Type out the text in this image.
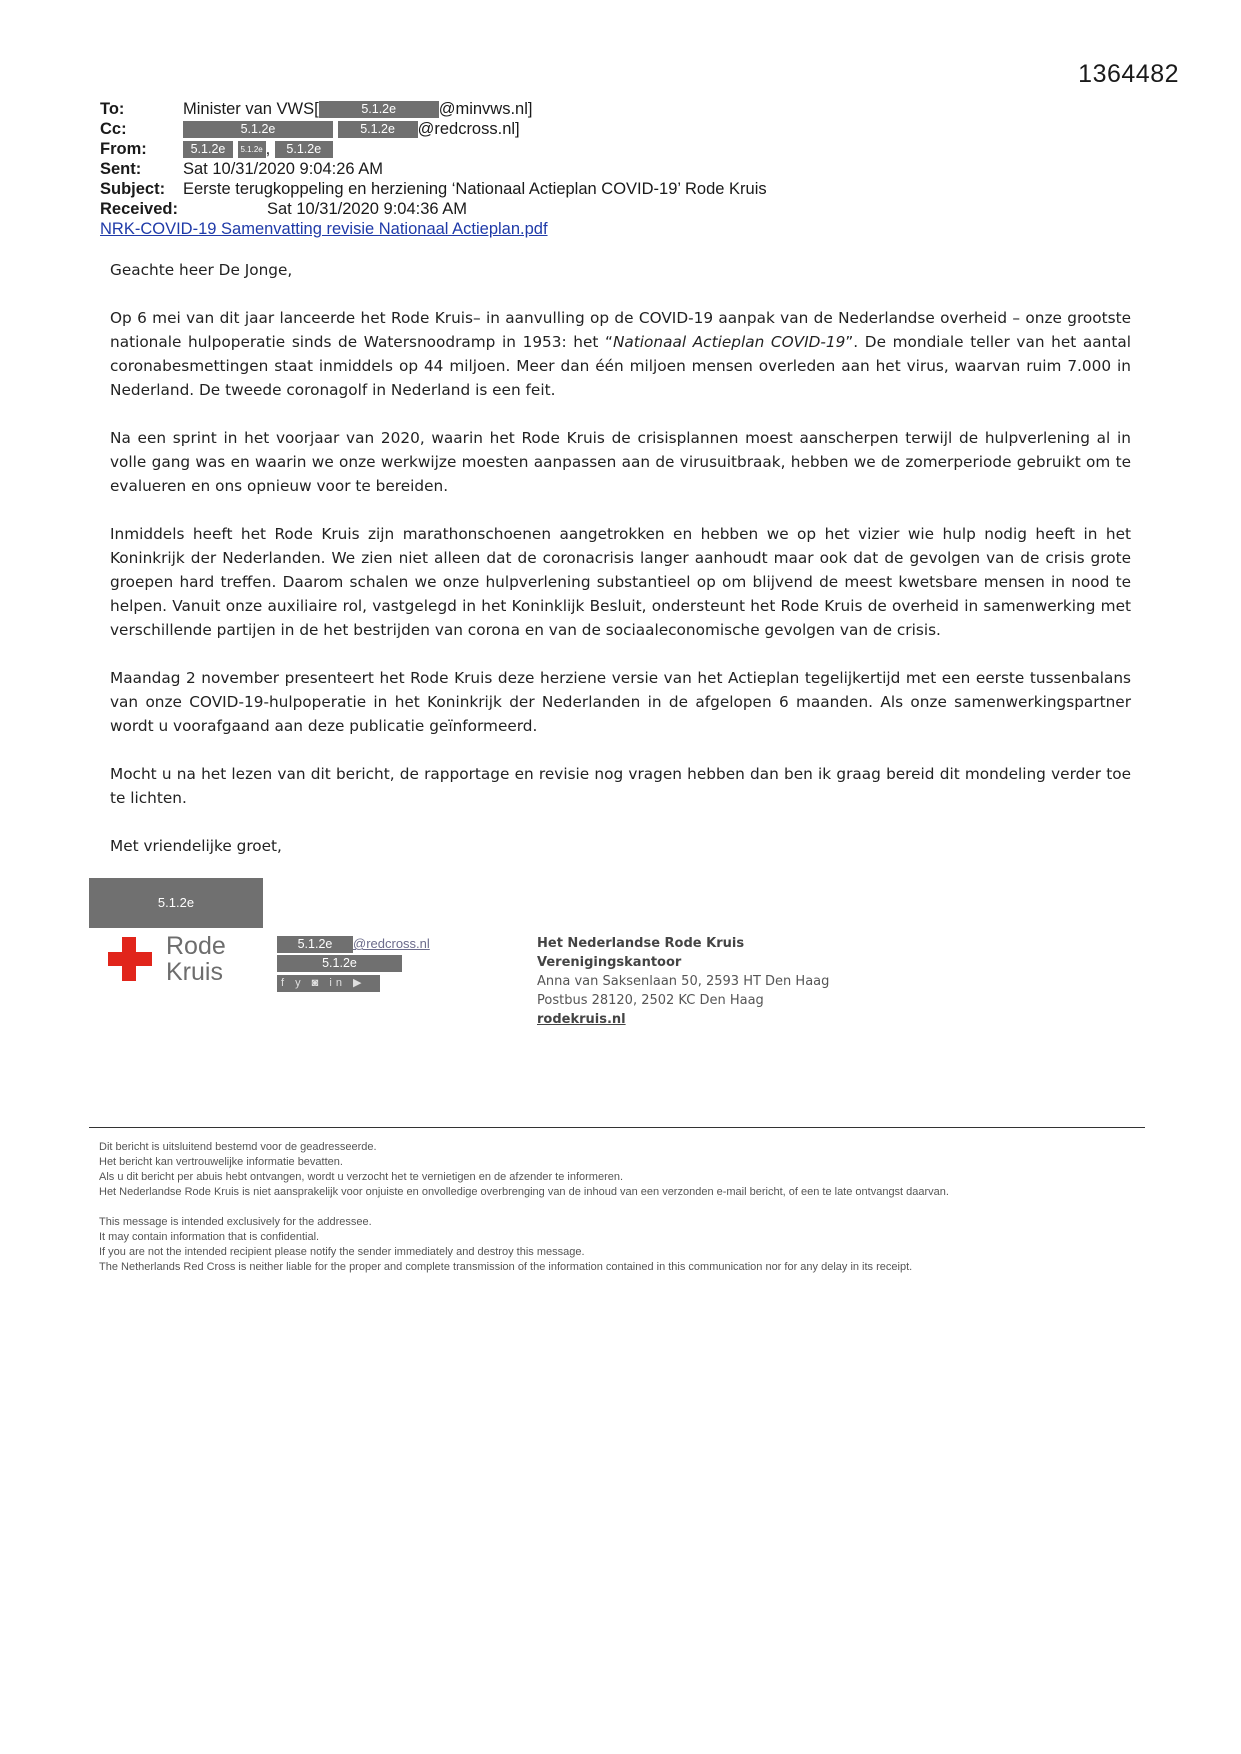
1364482
To:	Minister van VWS[	5.1.2e	@minvws.nl]
Cc:	5.1.2e	5.1.2e @redcross.nl]
From:	5.1.2e 5.1.2e , 5.1.2e
Sent:	Sat 10/31/2020 9:04:26 AM
Subject: Eerste terugkoppeling en herziening ‘Nationaal Actieplan COVID-19’ Rode Kruis
Received:	Sat 10/31/2020 9:04:36 AM
NRK-COVID-19 Samenvatting revisie Nationaal Actieplan.pdf

Geachte heer De Jonge,

Op 6 mei van dit jaar lanceerde het Rode Kruis– in aanvulling op de COVID-19 aanpak van de Nederlandse overheid – onze grootste nationale hulpoperatie sinds de Watersnoodramp in 1953: het “Nationaal Actieplan COVID-19”. De mondiale teller van het aantal coronabesmettingen staat inmiddels op 44 miljoen. Meer dan één miljoen mensen overleden aan het virus, waarvan ruim 7.000 in Nederland. De tweede coronagolf in Nederland is een feit.

Na een sprint in het voorjaar van 2020, waarin het Rode Kruis de crisisplannen moest aanscherpen terwijl de hulpverlening al in volle gang was en waarin we onze werkwijze moesten aanpassen aan de virusuitbraak, hebben we de zomerperiode gebruikt om te evalueren en ons opnieuw voor te bereiden.

Inmiddels heeft het Rode Kruis zijn marathonschoenen aangetrokken en hebben we op het vizier wie hulp nodig heeft in het Koninkrijk der Nederlanden. We zien niet alleen dat de coronacrisis langer aanhoudt maar ook dat de gevolgen van de crisis grote groepen hard treffen. Daarom schalen we onze hulpverlening substantieel op om blijvend de meest kwetsbare mensen in nood te helpen. Vanuit onze auxiliaire rol, vastgelegd in het Koninklijk Besluit, ondersteunt het Rode Kruis de overheid in samenwerking met verschillende partijen in de het bestrijden van corona en van de sociaaleconomische gevolgen van de crisis.

Maandag 2 november presenteert het Rode Kruis deze herziene versie van het Actieplan tegelijkertijd met een eerste tussenbalans van onze COVID-19-hulpoperatie in het Koninkrijk der Nederlanden in de afgelopen 6 maanden. Als onze samenwerkingspartner wordt u voorafgaand aan deze publicatie geïnformeerd.

Mocht u na het lezen van dit bericht, de rapportage en revisie nog vragen hebben dan ben ik graag bereid dit mondeling verder toe te lichten.

Met vriendelijke groet,

5.1.2e
Rode
Kruis
5.1.2e @redcross.nl
5.1.2e
f y ◙ in ▶
Het Nederlandse Rode Kruis
Verenigingskantoor
Anna van Saksenlaan 50, 2593 HT Den Haag
Postbus 28120, 2502 KC Den Haag
rodekruis.nl
Dit bericht is uitsluitend bestemd voor de geadresseerde.
Het bericht kan vertrouwelijke informatie bevatten.
Als u dit bericht per abuis hebt ontvangen, wordt u verzocht het te vernietigen en de afzender te informeren.
Het Nederlandse Rode Kruis is niet aansprakelijk voor onjuiste en onvolledige overbrenging van de inhoud van een verzonden e-mail bericht, of een te late ontvangst daarvan.
This message is intended exclusively for the addressee.
It may contain information that is confidential.
If you are not the intended recipient please notify the sender immediately and destroy this message.
The Netherlands Red Cross is neither liable for the proper and complete transmission of the information contained in this communication nor for any delay in its receipt.
